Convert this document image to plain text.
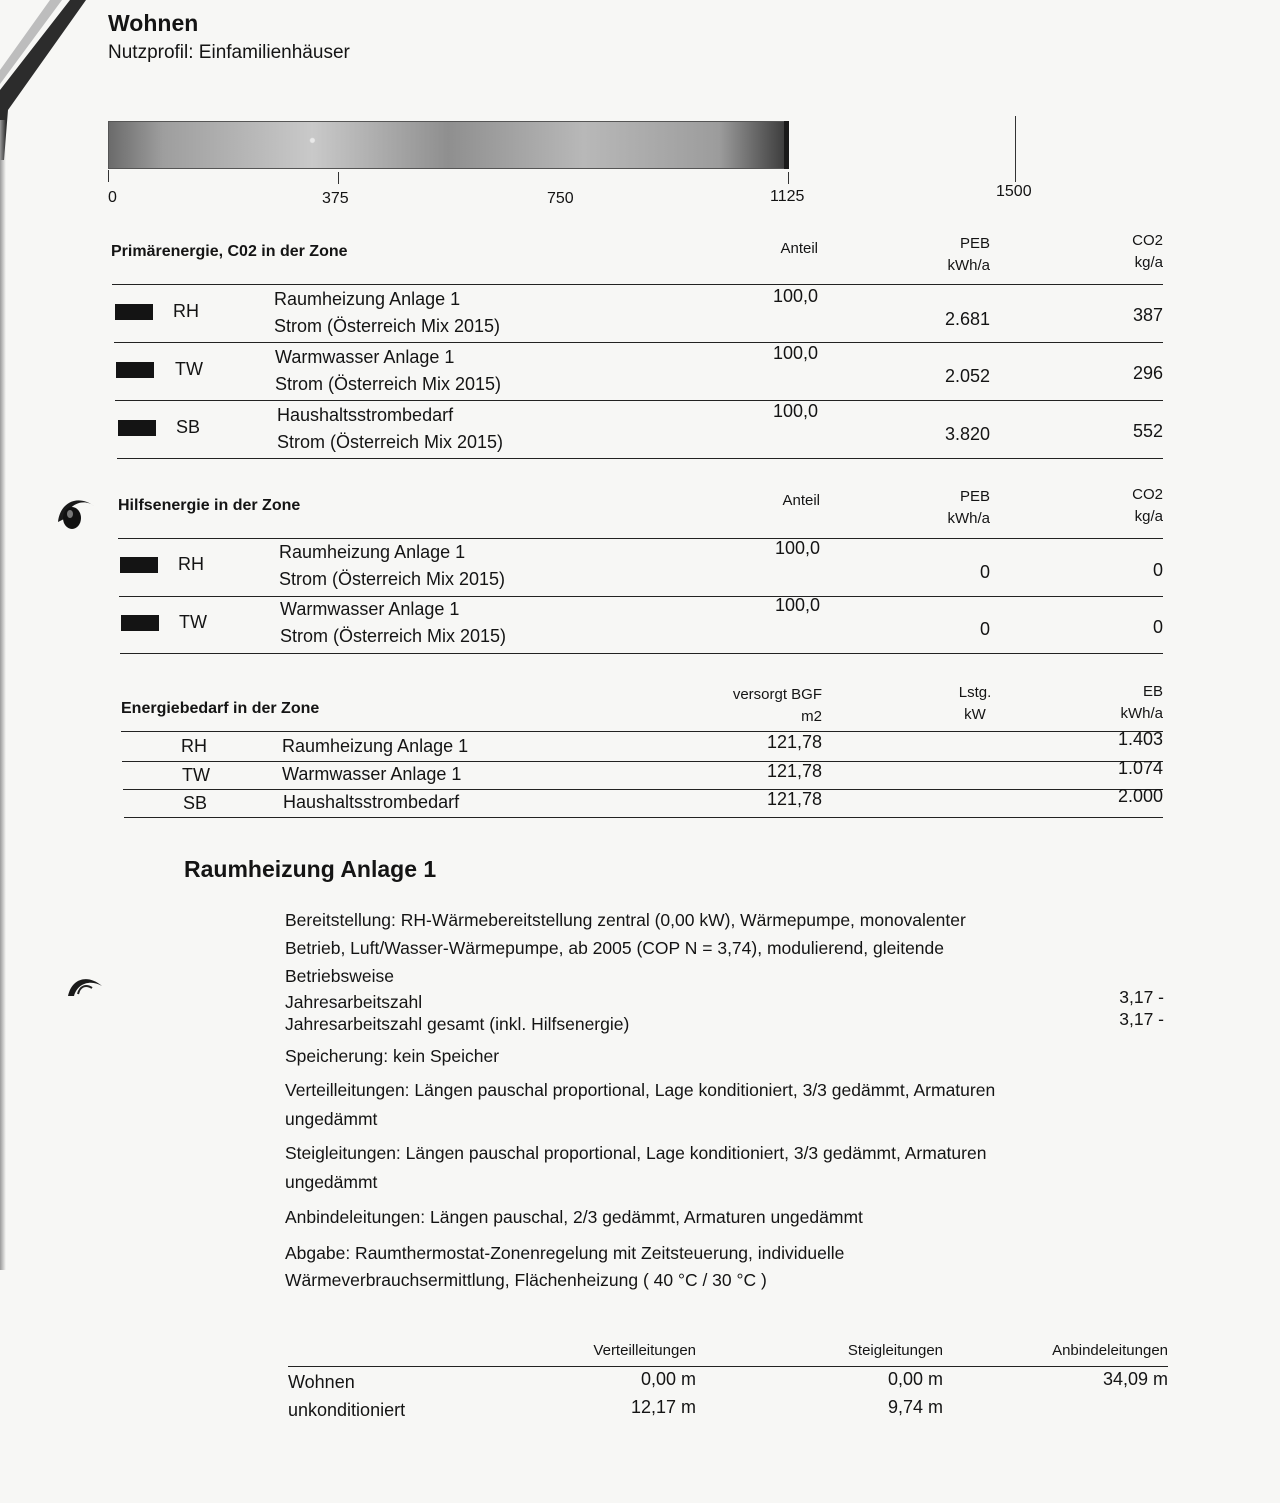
Wohnen
Nutzprofil: Einfamilienhäuser
0	375	750	1125	1500
Primärenergie, C02 in der Zone	Anteil	PEB
kWh/a
CO2
kg/a
RH
Raumheizung Anlage 1
Strom (Österreich Mix 2015)
100,0
2.681	387
TW
Warmwasser Anlage 1
Strom (Österreich Mix 2015)
100,0
2.052	296
SB
Haushaltsstrombedarf
Strom (Österreich Mix 2015)
100,0
3.820	552
Hilfsenergie in der Zone	Anteil	PEB
kWh/a
CO2
kg/a
RH
Raumheizung Anlage 1
Strom (Österreich Mix 2015)
100,0
0	0
TW
Warmwasser Anlage 1
Strom (Österreich Mix 2015)
100,0
0	0
Energiebedarf in der Zone
versorgt BGF
m2
Lstg.
kW
EB
kWh/a
RH	Raumheizung Anlage 1	121,78	1.403
TW	Warmwasser Anlage 1	121,78	1.074
SB	Haushaltsstrombedarf	121,78	2.000
Raumheizung Anlage 1
Bereitstellung: RH-Wärmebereitstellung zentral (0,00 kW), Wärmepumpe, monovalenter
Betrieb, Luft/Wasser-Wärmepumpe, ab 2005 (COP N = 3,74), modulierend, gleitende
Betriebsweise
Jahresarbeitszahl	3,17 -
Jahresarbeitszahl gesamt (inkl. Hilfsenergie)	3,17 -
Speicherung: kein Speicher
Verteilleitungen: Längen pauschal proportional, Lage konditioniert, 3/3 gedämmt, Armaturen
ungedämmt
Steigleitungen: Längen pauschal proportional, Lage konditioniert, 3/3 gedämmt, Armaturen
ungedämmt
Anbindeleitungen: Längen pauschal, 2/3 gedämmt, Armaturen ungedämmt
Abgabe: Raumthermostat-Zonenregelung mit Zeitsteuerung, individuelle
Wärmeverbrauchsermittlung, Flächenheizung ( 40 °C / 30 °C )
Verteilleitungen	Steigleitungen	Anbindeleitungen
Wohnen	0,00 m	0,00 m	34,09 m
unkonditioniert	12,17 m	9,74 m
